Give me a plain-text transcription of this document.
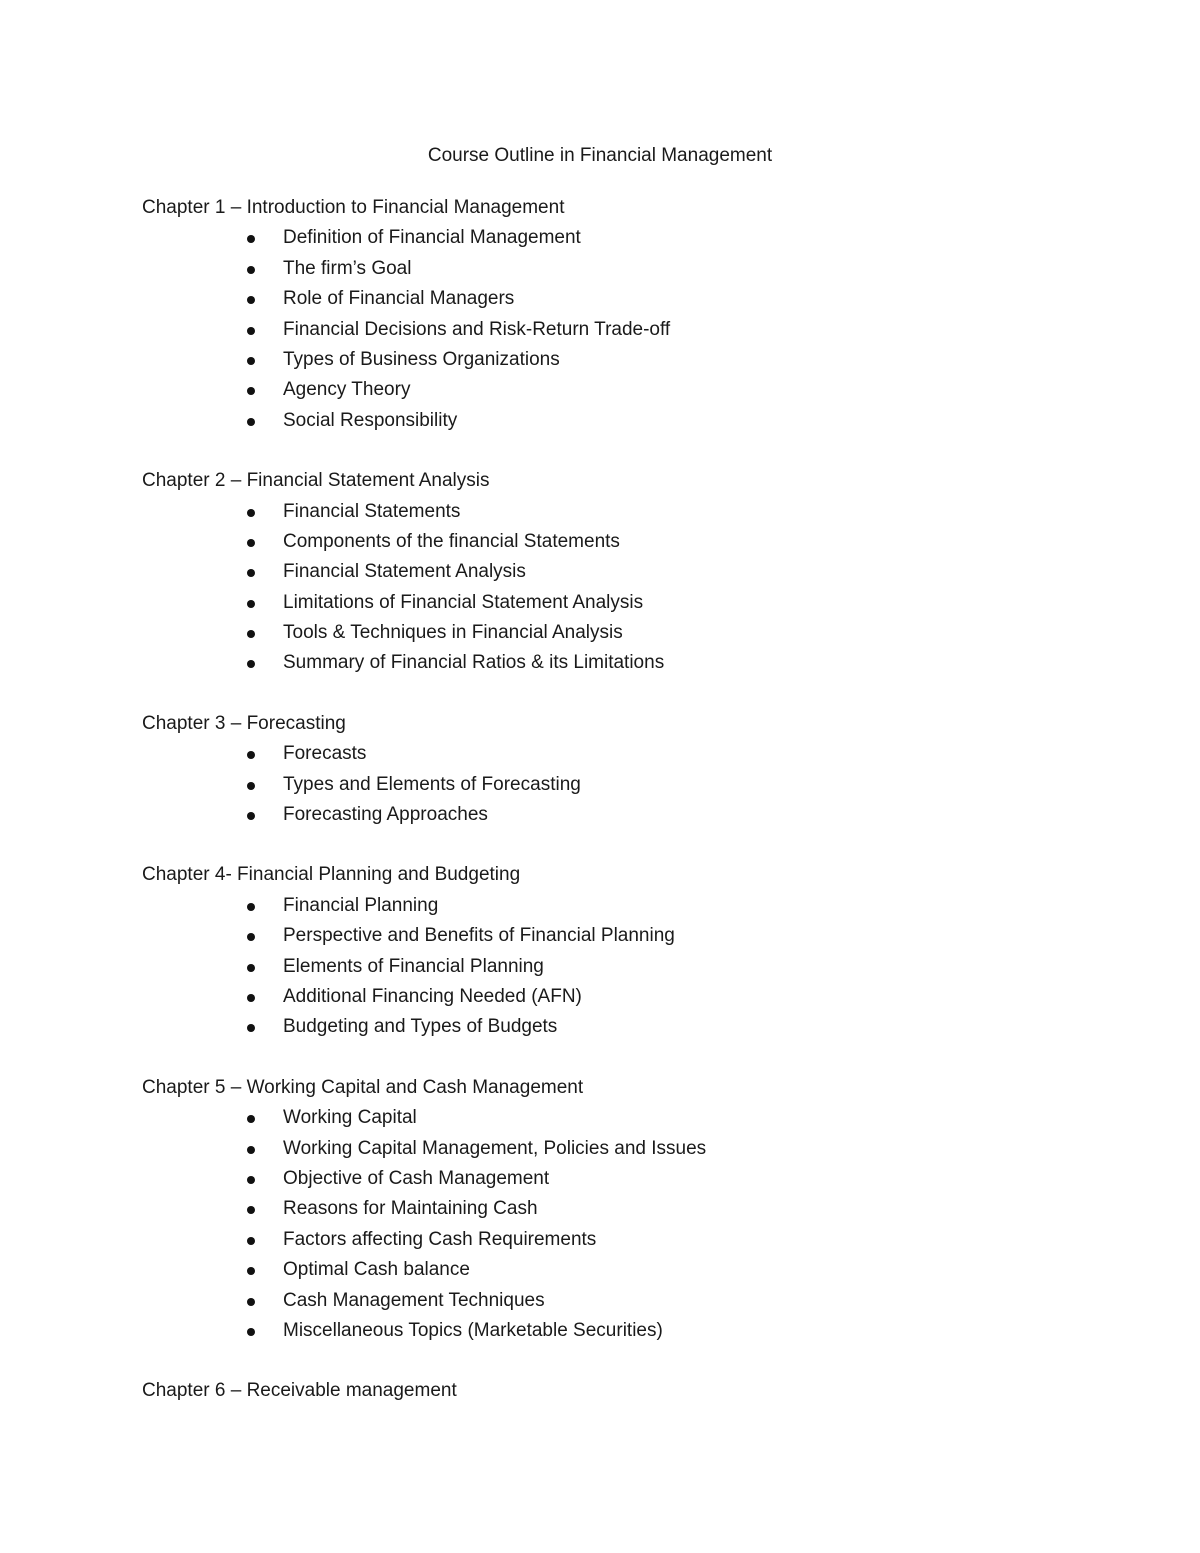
Course Outline in Financial Management
Chapter 1 – Introduction to Financial Management
Definition of Financial Management
The firm’s Goal
Role of Financial Managers
Financial Decisions and Risk-Return Trade-off
Types of Business Organizations
Agency Theory
Social Responsibility
Chapter 2 – Financial Statement Analysis
Financial Statements
Components of the financial Statements
Financial Statement Analysis
Limitations of Financial Statement Analysis
Tools & Techniques in Financial Analysis
Summary of Financial Ratios & its Limitations
Chapter 3 – Forecasting
Forecasts
Types and Elements of Forecasting
Forecasting Approaches
Chapter 4- Financial Planning and Budgeting
Financial Planning
Perspective and Benefits of Financial Planning
Elements of Financial Planning
Additional Financing Needed (AFN)
Budgeting and Types of Budgets
Chapter 5 – Working Capital and Cash Management
Working Capital
Working Capital Management, Policies and Issues
Objective of Cash Management
Reasons for Maintaining Cash
Factors affecting Cash Requirements
Optimal Cash balance
Cash Management Techniques
Miscellaneous Topics (Marketable Securities)
Chapter 6 – Receivable management
